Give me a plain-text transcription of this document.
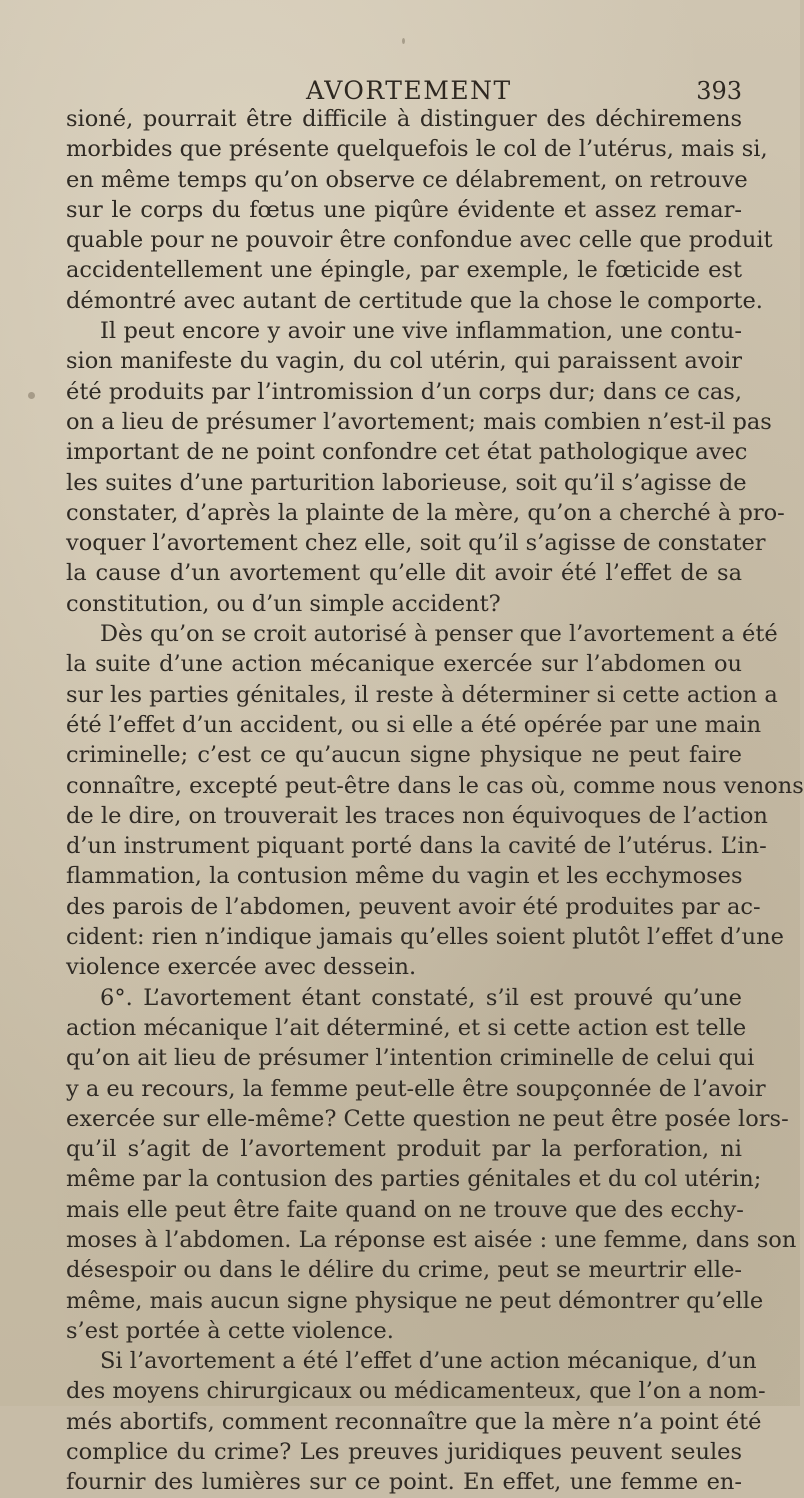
AVORTEMENT	393
sioné, pourrait être difficile à distinguer des déchiremens
morbides que présente quelquefois le col de l’utérus, mais si,
en même temps qu’on observe ce délabrement, on retrouve
sur le corps du fœtus une piqûre évidente et assez remar-
quable pour ne pouvoir être confondue avec celle que produit
accidentellement une épingle, par exemple, le fœticide est
démontré avec autant de certitude que la chose le comporte.
Il peut encore y avoir une vive inflammation, une contu-
sion manifeste du vagin, du col utérin, qui paraissent avoir
été produits par l’intromission d’un corps dur; dans ce cas,
on a lieu de présumer l’avortement; mais combien n’est-il pas
important de ne point confondre cet état pathologique avec
les suites d’une parturition laborieuse, soit qu’il s’agisse de
constater, d’après la plainte de la mère, qu’on a cherché à pro-
voquer l’avortement chez elle, soit qu’il s’agisse de constater
la cause d’un avortement qu’elle dit avoir été l’effet de sa
constitution, ou d’un simple accident?
Dès qu’on se croit autorisé à penser que l’avortement a été
la suite d’une action mécanique exercée sur l’abdomen ou
sur les parties génitales, il reste à déterminer si cette action a
été l’effet d’un accident, ou si elle a été opérée par une main
criminelle; c’est ce qu’aucun signe physique ne peut faire
connaître, excepté peut-être dans le cas où, comme nous venons
de le dire, on trouverait les traces non équivoques de l’action
d’un instrument piquant porté dans la cavité de l’utérus. L’in-
flammation, la contusion même du vagin et les ecchymoses
des parois de l’abdomen, peuvent avoir été produites par ac-
cident: rien n’indique jamais qu’elles soient plutôt l’effet d’une
violence exercée avec dessein.
6°. L’avortement étant constaté, s’il est prouvé qu’une
action mécanique l’ait déterminé, et si cette action est telle
qu’on ait lieu de présumer l’intention criminelle de celui qui
y a eu recours, la femme peut-elle être soupçonnée de l’avoir
exercée sur elle-même? Cette question ne peut être posée lors-
qu’il s’agit de l’avortement produit par la perforation, ni
même par la contusion des parties génitales et du col utérin;
mais elle peut être faite quand on ne trouve que des ecchy-
moses à l’abdomen. La réponse est aisée : une femme, dans son
désespoir ou dans le délire du crime, peut se meurtrir elle-
même, mais aucun signe physique ne peut démontrer qu’elle
s’est portée à cette violence.
Si l’avortement a été l’effet d’une action mécanique, d’un
des moyens chirurgicaux ou médicamenteux, que l’on a nom-
més abortifs, comment reconnaître que la mère n’a point été
complice du crime? Les preuves juridiques peuvent seules
fournir des lumières sur ce point. En effet, une femme en-
